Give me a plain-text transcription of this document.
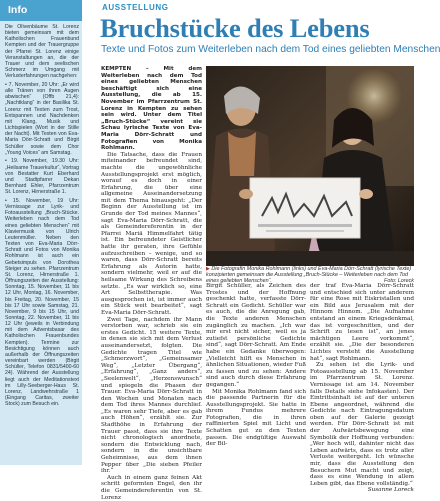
Info

Die Olivenbäume St. Lorenz bieten gemeinsam mit dem Katholischen Frauenbund Kempten und der Trauergruppe der Pfarrei St. Lorenz einige Veranstaltungen an, die der Trauer und dem seelischen Schmerz im Umgang mit Verlusterfahrungen nachgehen:

• 7. November, 20 Uhr: „Er wird alle Tränen von ihren Augen abwischen“ (Offb 21,4): „Nachtklang“ in der Basilika St. Lorenz mit Texten zum Trost, Entspannen und Nachdenken mit Klang, Musik und Lichtspielen (Wort in der Stille der Nacht). Mit Texten von Eva-Maria Dörr-Schratt und Birgit Schüller sowie dem Chor „Young Voices“ am Samstag.

• 19. November, 19.30 Uhr: „Heilsame Trauerkultur“, Vortrag von Bestatter Kurt Eberhard und Stadtpfarrer Dekan Bernhard Ehler, Pfarrzentrum St. Lorenz, Hirnerstraße 1.

• 15. November, 19 Uhr: Vernissage zur Lyrik- und Fotoausstellung „Bruch-Stücke. Weiterleben nach dem Tod eines geliebten Menschen“ mit Klaviermusik von Ulrich Leutenmüller. Neben den Texten von Eva-Maria Dörr-Schratt und Fotos von Monika Rohlmann ist auch ein Gebetsimpuls von Dorothea Steiger zu sehen. Pfarrzentrum St. Lorenz, Hirnerstraße 1. Öffnungszeiten der Ausstellung: Sonntag, 15. November, 11 bis 12 Uhr, Montag, 16. November, bis Freitag, 20. November, 15 bis 17 Uhr sowie Samstag, 21. November, 9 bis 15 Uhr, und Sonntag, 22. November, 11 bis 12 Uhr (jeweils in Verbindung mit dem Adventsbasar des Katholischen Frauenbundes Kempten). Termine zur Besichtigung können auch außerhalb der Öffnungszeiten vereinbart werden (Birgit Schüller, Telefon 0831/5400-60 24). Während der Ausstellung liegt auch der Meditationstext im Lilly-Seeberger-Haus St. Lorenz, Landwehrstraße 1 (Eingang Caritas, zweiter Stock) zum Besuch ein.

AUSSTELLUNG
Bruchstücke des Lebens
Texte und Fotos zum Weiterleben nach dem Tod eines geliebten Menschen

KEMPTEN –	Mit dem Weiterleben nach dem Tod eines geliebten Menschen beschäftigt sich eine Ausstellung, die ab 15. November im Pfarrzentrum St. Lorenz in Kempten zu sehen sein wird. Unter dem Titel „Bruch-Stücke“ vereint sie Schau lyrische Texte von Eva-Maria Dörr-Schratt und Fotografien von Monika Rohlmann.

Die Tatsache, dass die Frauen miteinander befreundet sind, machte die ungewöhnliche Ausstellungsprojekt erst möglich, worauf es doch in einer Erfahrung, die über eine allgemeine Auseinandersetzung mit dem Thema hinausgeht: „Der Beginn der Ausstellung ist im Grunde der Tod meines Mannes“, sagt Eva-Maria Dörr-Schratt, die als Gemeindereferentin in der Pfarrei Mariä Himmelfahrt tätig ist. Ein befreundeter Geistlicher hatte ihr geraten, ihre Gefühle aufzuschreiben – wenige, und so waren, dass Dörr-Schratt bereits Erfahrung als Autorin hatte, sondern vielmehr, weil er auf die heilsame Wirkung des Schreibens setzte. „Es war wirklich so, eine Art Selbsttherapie. Was ausgesprochen ist, ist immer auch ein Stück weit bearbeitet“, sagt Eva-Maria Dörr-Schratt.

Zwei Tage, nachdem ihr Mann verstorben war, schrieb sie ein erstes Gedicht. 15 weitere Texte, in denen sie sich mit dem Verlust auseinandersetzt, folgten. Die Gedichte tragen Titel wie „Schmerzwort“, „Gemeinsamer Weg“, „Letzter Übergang“, „Erfahrung“, „Ganz anders“, „Seelenwelt“, „Herzenswunsch“ und spiegeln die Phasen der Trauer. Eva-Maria Dörr-Schratt in den Wochen und Monaten nach dem Tod ihres Mannes durchlief. „Es waren sehr Tiefe, aber es gab auch Höhen“, erzählt sie. Zur Stadthöhe in Erfahrung der Trauer passt, dass sie ihre Texte nicht chronologisch anordnete, sondern die Entwicklung nach, sondern in die unsichtbare Geheimnisse, aus dem ihnen Pepper über „Die sieben Pfeiler ihr.“

Auch in einem ganz feinen Akt schritt geformten Engel, den ihr die Gemeindereferentin von St. Lorenz

▶ Die Fotografin Monika Rohlmann (links) und Eva-Maria Dörr-Schratt (lyrische Texte) konzipierten gemeinsam die Ausstellung „Bruch-Stücke – Weiterleben nach dem Tod eines geliebten Menschen“.	Foto: Loreck

Birgit Schüller, als Zeichen des Trostes und der Hoffnung geschenkt hatte, verfasste Dörr-Schratt ein Gedicht. Schüller war es auch, die die Anregung gab, die Texte anderen Menschen zugänglich zu machen. „Ich war mir erst nicht sicher, weil es ja zutiefst persönliche Gedichte sind“, sagt Dörr-Schratt. Am Ende habe ein Gedanke überwogen: „Vielleicht hilft es Menschen in ähnlichen Situationen, wieder Fuß zu fassen und zu sehen: Andere sind auch durch diese Erfahrung gegangen.“

Mit Monika Rohlmann fand sich die passende Partnerin für die Ausstellungsprojekt. Sie hatte in ihrem Fundus mehrere Fotografien, die in ihren raffinierten Spiel mit Licht und Schatten gut zu den Texten passen. Die endgültige Auswahl der Bil-

der traf Eva-Maria Dörr-Schratt und entschied sich unter anderem für eine Rose mit Eiskristallen und ein Bild aus Jerusalem mit der Hinnom Hinnom. „Die Aufnahme entstand an einem Kriegsdenkmal, das ist vorgeschnitten, und der Schrift zu lesen ist“, an jenes mächtigen Leere vorkommt“, erzählt sie. „Die der besonderen Lichtes versteht die Ausstellung hat“, sagt Rohlmann.

Zu sehen ist die Lyrik- und Fotoausstellung ab 15. November im Pfarrzentrum St. Lorenz. Vernissage ist am 14. November falls Details siehe Infokasten). Der Eintrittsinhalt ist auf der unteren Ebene angeordnet, während die Gedichte nach Eintragungsdatum oben auf der Galerie gezeigt werden. Für Dörr-Schratt ist mit der Aufwärtsbewegung eine Symbolik der Hoffnung verbunden: „Wer hoch will, dahinter nicht das Leben aufwärts, dass es trotz aller Verluste weitergeht. Ich wünsche mir, dass die Ausstellung den Besuchern Mut macht und zeigt, dass es eine Wendung in allem Leben gibt, das Ebene vollständig.“

Susanne Loreck
